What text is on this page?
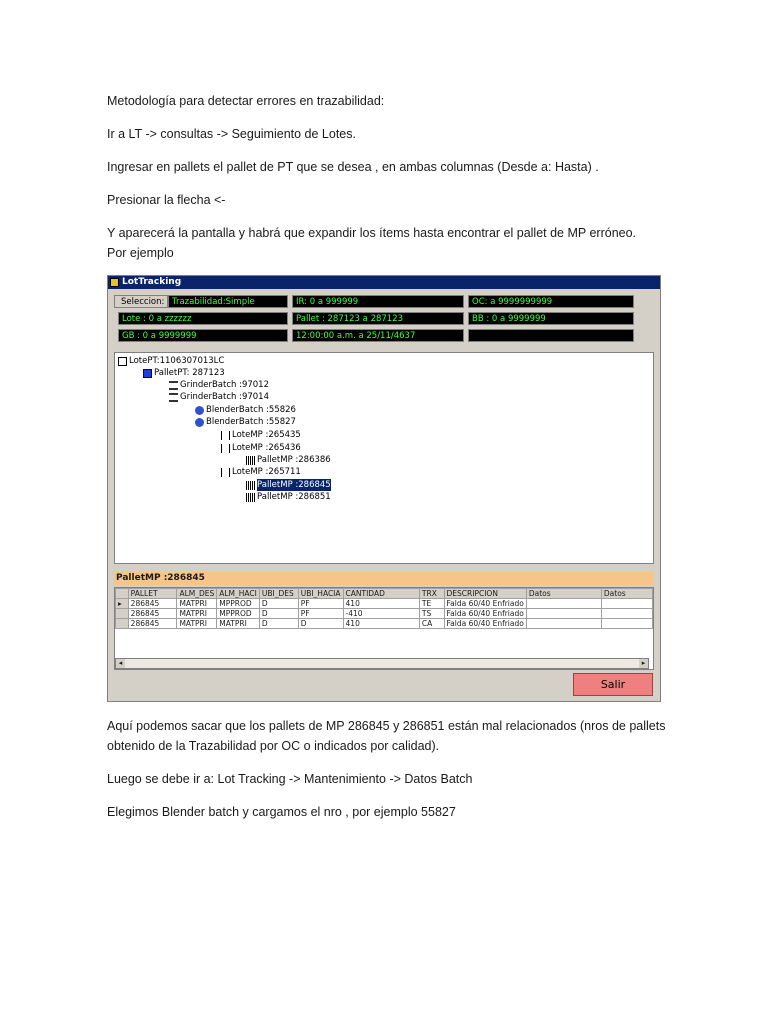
Metodología para detectar errores en trazabilidad:

Ir a LT -> consultas -> Seguimiento de Lotes.

Ingresar en pallets el pallet de PT que se desea , en ambas columnas (Desde a: Hasta) .

Presionar la flecha <-

Y aparecerá la pantalla y habrá que expandir los ítems hasta encontrar el pallet de MP erróneo.

Por ejemplo

LotTracking
Seleccion: Trazabilidad:Simple	IR: 0 a 999999	OC: a 9999999999
Lote : 0 a zzzzzz	Pallet : 287123 a 287123	BB : 0 a 9999999
GB : 0 a 9999999	12:00:00 a.m. a 25/11/4637
LotePT:1106307013LC
PalletPT: 287123
GrinderBatch :97012
GrinderBatch :97014
BlenderBatch :55826
BlenderBatch :55827
LoteMP :265435
LoteMP :265436
PalletMP :286386
LoteMP :265711
PalletMP :286845
PalletMP :286851
PalletMP :286845
	PALLET	ALM_DES	ALM_HACI	UBI_DES	UBI_HACIA	CANTIDAD	TRX	DESCRIPCION	Datos	Datos
▸	286845	MATPRI	MPPROD	D	PF	410	TE	Falda 60/40 Enfriado		
	286845	MATPRI	MPPROD	D	PF	-410	TS	Falda 60/40 Enfriado		
	286845	MATPRI	MATPRI	D	D	410	CA	Falda 60/40 Enfriado		
◂	▸
Salir

Aquí podemos sacar que los pallets de MP 286845 y 286851 están mal relacionados (nros de pallets obtenido de la Trazabilidad por OC o indicados por calidad).

Luego se debe ir a: Lot Tracking -> Mantenimiento -> Datos Batch

Elegimos Blender batch y cargamos el nro , por ejemplo 55827
